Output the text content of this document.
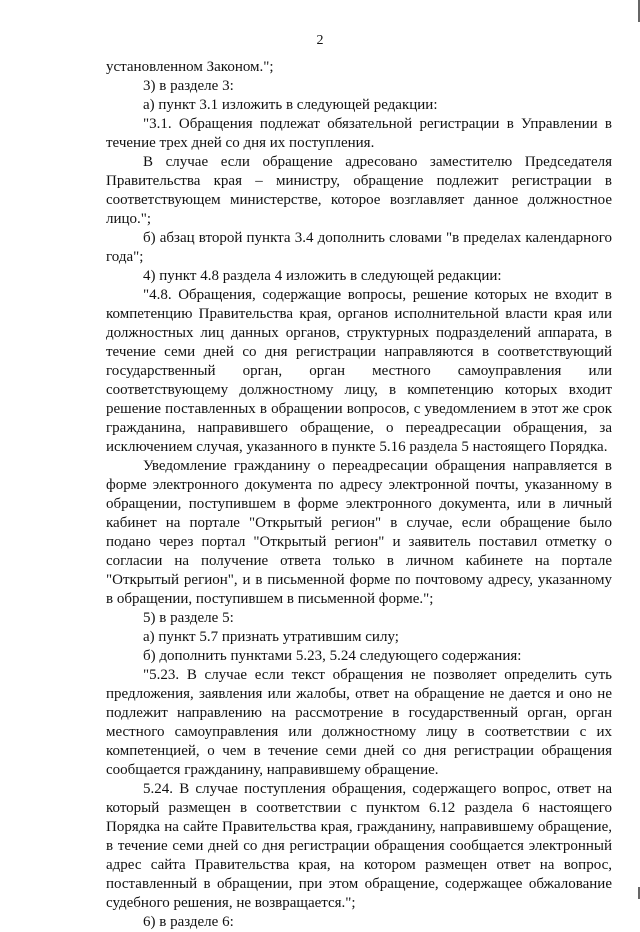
2

установленном Законом.";

3) в разделе 3:

а) пункт 3.1 изложить в следующей редакции:

"3.1. Обращения подлежат обязательной регистрации в Управлении в течение трех дней со дня их поступления.

В случае если обращение адресовано заместителю Председателя Правительства края – министру, обращение подлежит регистрации в соответствующем министерстве, которое возглавляет данное должностное лицо.";

б) абзац второй пункта 3.4 дополнить словами "в пределах календарного года";

4) пункт 4.8 раздела 4 изложить в следующей редакции:

"4.8. Обращения, содержащие вопросы, решение которых не входит в компетенцию Правительства края, органов исполнительной власти края или должностных лиц данных органов, структурных подразделений аппарата, в течение семи дней со дня регистрации направляются в соответствующий государственный орган, орган местного самоуправления или соответствующему должностному лицу, в компетенцию которых входит решение поставленных в обращении вопросов, с уведомлением в этот же срок гражданина, направившего обращение, о переадресации обращения, за исключением случая, указанного в пункте 5.16 раздела 5 настоящего Порядка.

Уведомление гражданину о переадресации обращения направляется в форме электронного документа по адресу электронной почты, указанному в обращении, поступившем в форме электронного документа, или в личный кабинет на портале "Открытый регион" в случае, если обращение было подано через портал "Открытый регион" и заявитель поставил отметку о согласии на получение ответа только в личном кабинете на портале "Открытый регион", и в письменной форме по почтовому адресу, указанному в обращении, поступившем в письменной форме.";

5) в разделе 5:

а) пункт 5.7 признать утратившим силу;

б) дополнить пунктами 5.23, 5.24 следующего содержания:

"5.23. В случае если текст обращения не позволяет определить суть предложения, заявления или жалобы, ответ на обращение не дается и оно не подлежит направлению на рассмотрение в государственный орган, орган местного самоуправления или должностному лицу в соответствии с их компетенцией, о чем в течение семи дней со дня регистрации обращения сообщается гражданину, направившему обращение.

5.24. В случае поступления обращения, содержащего вопрос, ответ на который размещен в соответствии с пунктом 6.12 раздела 6 настоящего Порядка на сайте Правительства края, гражданину, направившему обращение, в течение семи дней со дня регистрации обращения сообщается электронный адрес сайта Правительства края, на котором размещен ответ на вопрос, поставленный в обращении, при этом обращение, содержащее обжалование судебного решения, не возвращается.";

6) в разделе 6:
